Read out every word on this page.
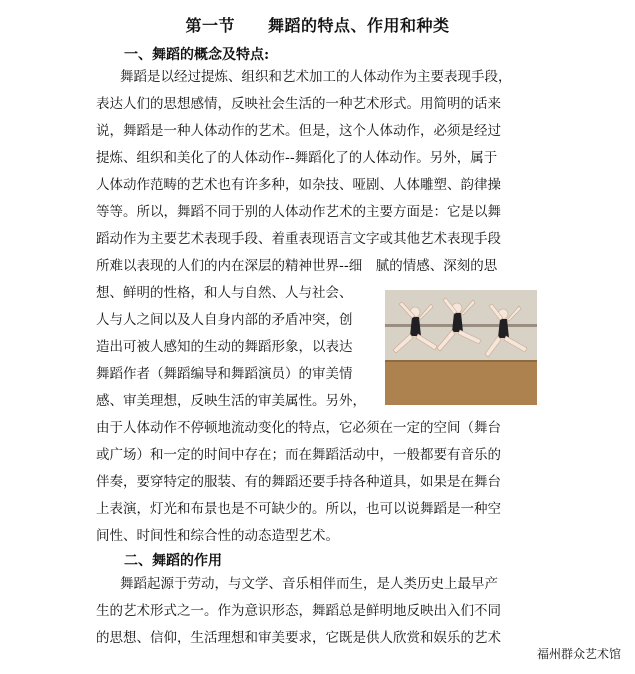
第一节　　舞蹈的特点、作用和种类
一、舞蹈的概念及特点:
舞蹈是以经过提炼、组织和艺术加工的人体动作为主要表现手段，
表达人们的思想感情，反映社会生活的一种艺术形式。用简明的话来
说，舞蹈是一种人体动作的艺术。但是，这个人体动作，必须是经过
提炼、组织和美化了的人体动作--舞蹈化了的人体动作。另外，属于
人体动作范畴的艺术也有许多种，如杂技、哑剧、人体雕塑、韵律操
等等。所以，舞蹈不同于别的人体动作艺术的主要方面是：它是以舞
蹈动作为主要艺术表现手段、着重表现语言文字或其他艺术表现手段
所难以表现的人们的内在深层的精神世界--细　腻的情感、深刻的思
想、鲜明的性格，和人与自然、人与社会、
人与人之间以及人自身内部的矛盾冲突，创
造出可被人感知的生动的舞蹈形象，以表达
舞蹈作者（舞蹈编导和舞蹈演员）的审美情
感、审美理想，反映生活的审美属性。另外，
由于人体动作不停顿地流动变化的特点，它必须在一定的空间（舞台
或广场）和一定的时间中存在；而在舞蹈活动中，一般都要有音乐的
伴奏，要穿特定的服装、有的舞蹈还要手持各种道具，如果是在舞台
上表演，灯光和布景也是不可缺少的。所以，也可以说舞蹈是一种空
间性、时间性和综合性的动态造型艺术。
二、舞蹈的作用
舞蹈起源于劳动，与文学、音乐相伴而生，是人类历史上最早产
生的艺术形式之一。作为意识形态，舞蹈总是鲜明地反映出入们不同
的思想、信仰，生活理想和审美要求，它既是供人欣赏和娱乐的艺术
福州群众艺术馆
